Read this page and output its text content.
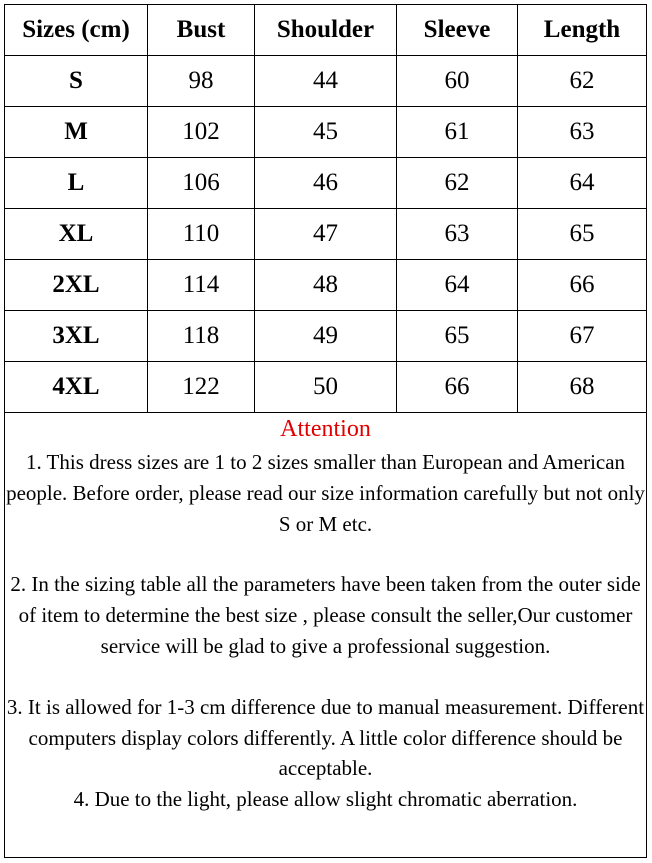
Sizes (cm)	Bust	Shoulder	Sleeve	Length
S	98	44	60	62
M	102	45	61	63
L	106	46	62	64
XL	110	47	63	65
2XL	114	48	64	66
3XL	118	49	65	67
4XL	122	50	66	68
Attention

1. This dress sizes are 1 to 2 sizes smaller than European and American people. Before order, please read our size information carefully but not only S or M etc.

2. In the sizing table all the parameters have been taken from the outer side of item to determine the best size , please consult the seller,Our customer service will be glad to give a professional suggestion.

3. It is allowed for 1-3 cm difference due to manual measurement. Different computers display colors differently. A little color difference should be acceptable.

4. Due to the light, please allow slight chromatic aberration.
